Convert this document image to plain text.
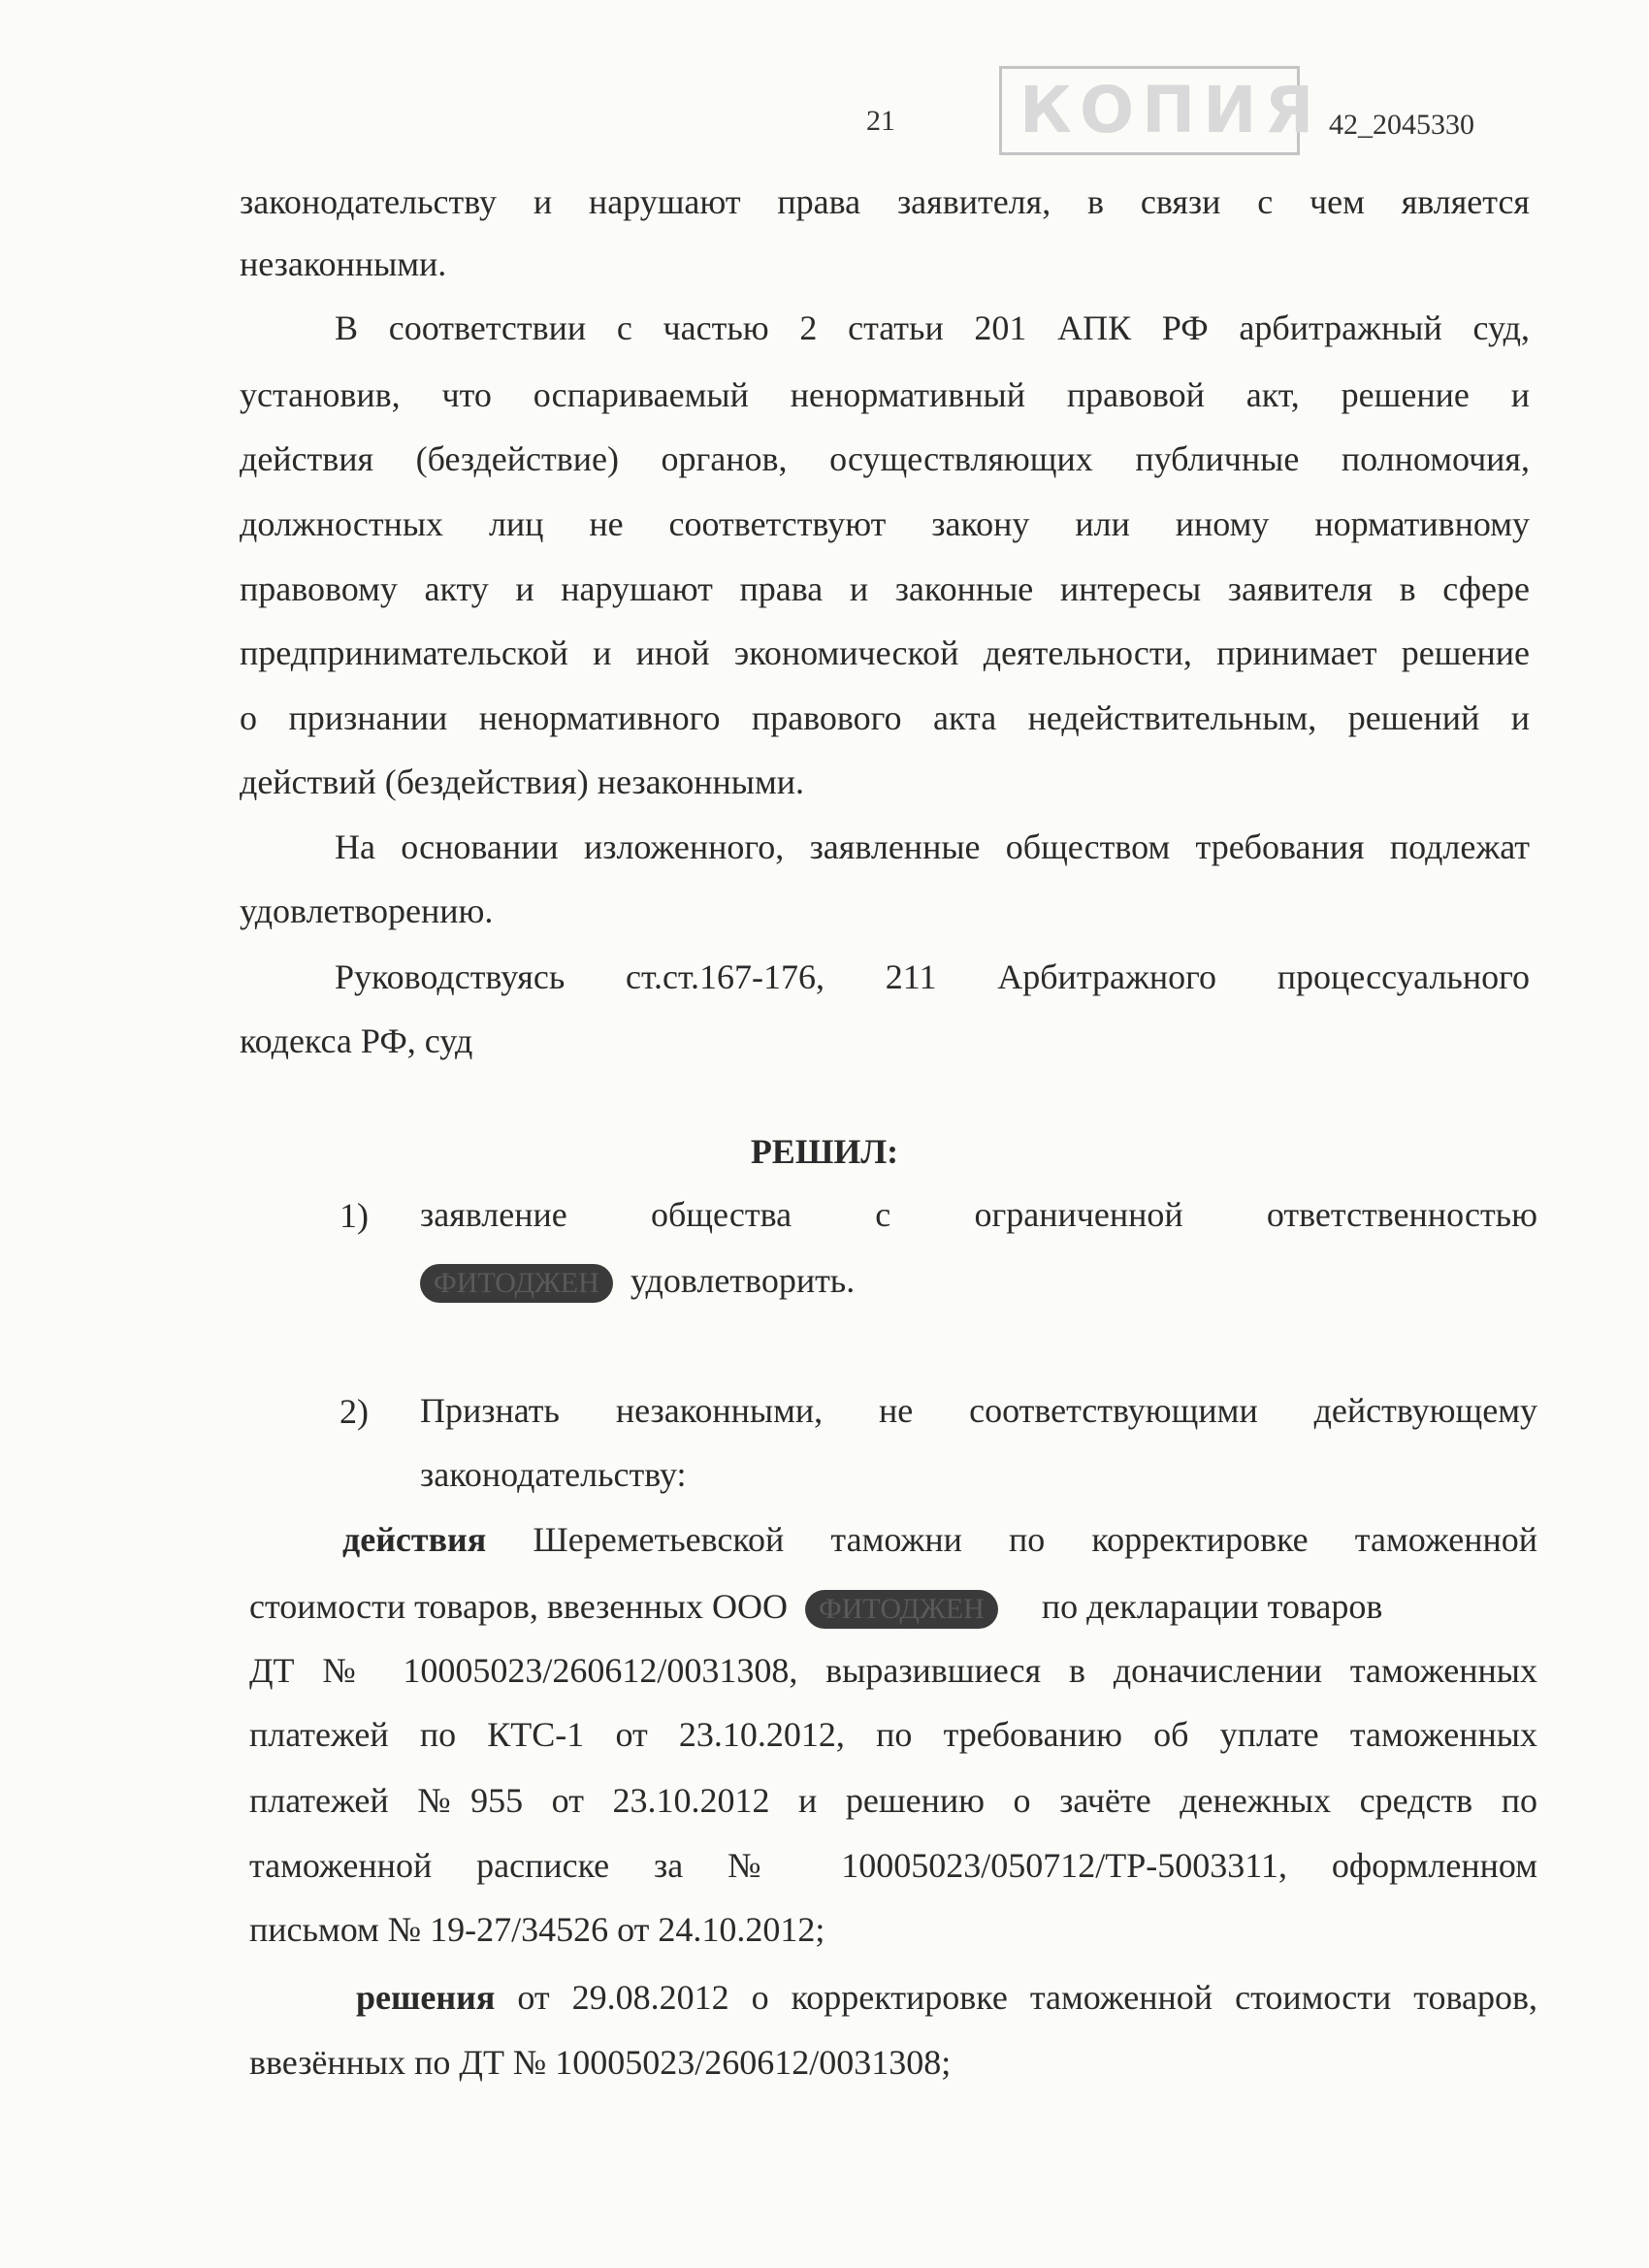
21 КОПИЯ 42_2045330
законодательству и нарушают права заявителя, в связи с чем является
незаконными.
В соответствии с частью 2 статьи 201 АПК РФ арбитражный суд,
установив, что оспариваемый ненормативный правовой акт, решение и
действия (бездействие) органов, осуществляющих публичные полномочия,
должностных лиц не соответствуют закону или иному нормативному
правовому акту и нарушают права и законные интересы заявителя в сфере
предпринимательской и иной экономической деятельности, принимает решение
о признании ненормативного правового акта недействительным, решений и
действий (бездействия) незаконными.
На основании изложенного, заявленные обществом требования подлежат
удовлетворению.
Руководствуясь ст.ст.167-176, 211 Арбитражного процессуального
кодекса РФ, суд
РЕШИЛ:
1) заявление общества с ограниченной ответственностью
ФИТОДЖЕН удовлетворить.
2) Признать незаконными, не соответствующими действующему
законодательству:
действия Шереметьевской таможни по корректировке таможенной
стоимости товаров, ввезенных ООО ФИТОДЖЕН по декларации товаров
ДТ № 10005023/260612/0031308, выразившиеся в доначислении таможенных
платежей по КТС-1 от 23.10.2012, по требованию об уплате таможенных
платежей №955 от 23.10.2012 и решению о зачёте денежных средств по
таможенной расписке за № 10005023/050712/ТР-5003311, оформленном
письмом № 19-27/34526 от 24.10.2012;
решения от 29.08.2012 о корректировке таможенной стоимости товаров,
ввезённых по ДТ № 10005023/260612/0031308;
